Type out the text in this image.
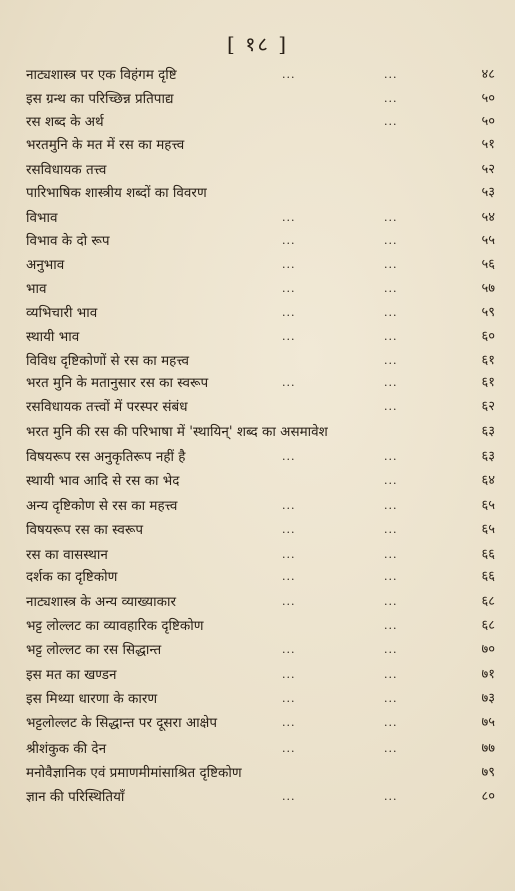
[ १८ ]
नाट्यशास्त्र पर एक विहंगम दृष्टि	...	...	४८
इस ग्रन्थ का परिच्छिन्न प्रतिपाद्य	...	५०
रस शब्द के अर्थ	...	५०
भरतमुनि के मत में रस का महत्त्व	५१
रसविधायक तत्त्व	५२
पारिभाषिक शास्त्रीय शब्दों का विवरण	५३
विभाव	...	...	५४
विभाव के दो रूप	...	...	५५
अनुभाव	...	...	५६
भाव	...	...	५७
व्यभिचारी भाव	...	...	५९
स्थायी भाव	...	...	६०
विविध दृष्टिकोणों से रस का महत्त्व	...	६१
भरत मुनि के मतानुसार रस का स्वरूप	...	...	६१
रसविधायक तत्त्वों में परस्पर संबंध	...	६२
भरत मुनि की रस की परिभाषा में 'स्थायिन्' शब्द का असमावेश	६३
विषयरूप रस अनुकृतिरूप नहीं है	...	...	६३
स्थायी भाव आदि से रस का भेद	...	६४
अन्य दृष्टिकोण से रस का महत्त्व	...	...	६५
विषयरूप रस का स्वरूप	...	...	६५
रस का वासस्थान	...	...	६६
दर्शक का दृष्टिकोण	...	...	६६
नाट्यशास्त्र के अन्य व्याख्याकार	...	...	६८
भट्ट लोल्लट का व्यावहारिक दृष्टिकोण	...	६८
भट्ट लोल्लट का रस सिद्धान्त	...	...	७०
इस मत का खण्डन	...	...	७१
इस मिथ्या धारणा के कारण	...	...	७३
भट्टलोल्लट के सिद्धान्त पर दूसरा आक्षेप	...	...	७५
श्रीशंकुक की देन	...	...	७७
मनोवैज्ञानिक एवं प्रमाणमीमांसाश्रित दृष्टिकोण	७९
ज्ञान की परिस्थितियाँ	...	...	८०
